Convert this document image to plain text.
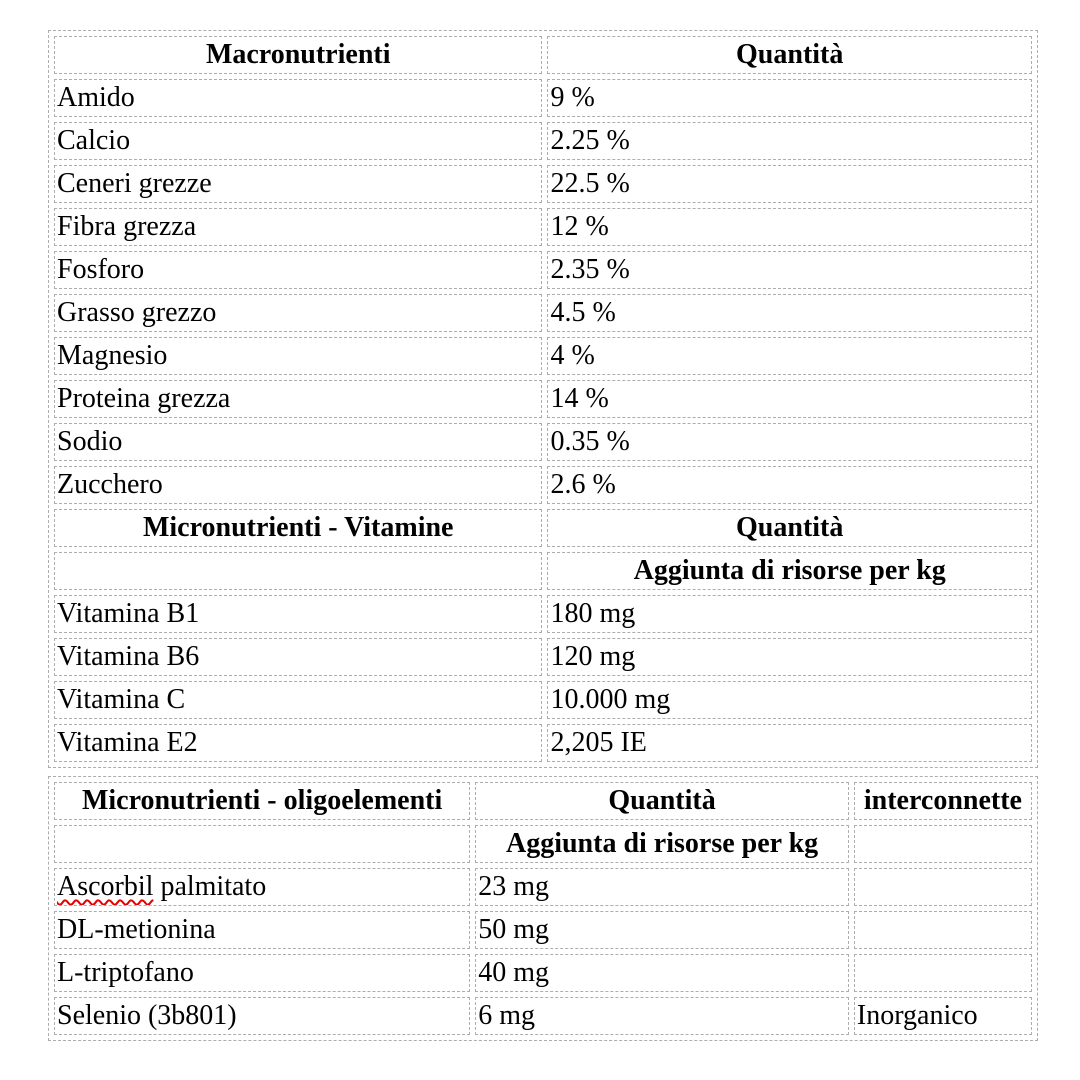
Macronutrienti	Quantità
Amido	9 %
Calcio	2.25 %
Ceneri grezze	22.5 %
Fibra grezza	12 %
Fosforo	2.35 %
Grasso grezzo	4.5 %
Magnesio	4 %
Proteina grezza	14 %
Sodio	0.35 %
Zucchero	2.6 %
Micronutrienti - Vitamine	Quantità
	Aggiunta di risorse per kg
Vitamina B1	180 mg
Vitamina B6	120 mg
Vitamina C	10.000 mg
Vitamina E2	2,205 IE
Micronutrienti - oligoelementi	Quantità	interconnette
	Aggiunta di risorse per kg	
Ascorbil palmitato	23 mg	
DL-metionina	50 mg	
L-triptofano	40 mg	
Selenio (3b801)	6 mg	Inorganico
